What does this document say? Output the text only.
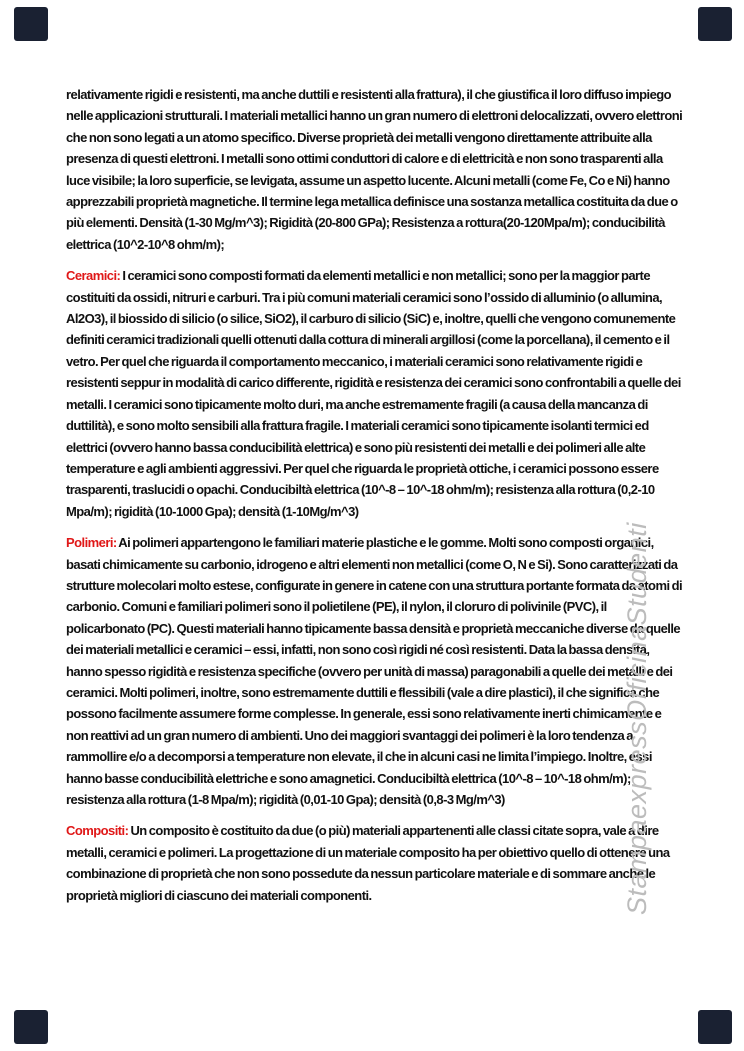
relativamente rigidi e resistenti, ma anche duttili e resistenti alla frattura), il che giustifica il loro diffuso impiego nelle applicazioni strutturali. I materiali metallici hanno un gran numero di elettroni delocalizzati, ovvero elettroni che non sono legati a un atomo specifico. Diverse proprietà dei metalli vengono direttamente attribuite alla presenza di questi elettroni. I metalli sono ottimi conduttori di calore e di elettricità e non sono trasparenti alla luce visibile; la loro superficie, se levigata, assume un aspetto lucente. Alcuni metalli (come Fe, Co e Ni) hanno apprezzabili proprietà magnetiche. Il termine lega metallica definisce una sostanza metallica costituita da due o più elementi. Densità (1-30 Mg/m^3); Rigidità (20-800 GPa); Resistenza a rottura(20-120Mpa/m); conducibilità elettrica (10^2-10^8 ohm/m);

Ceramici: I ceramici sono composti formati da elementi metallici e non metallici; sono per la maggior parte costituiti da ossidi, nitruri e carburi. Tra i più comuni materiali ceramici sono l’ossido di alluminio (o allumina, Al2O3), il biossido di silicio (o silice, SiO2), il carburo di silicio (SiC) e, inoltre, quelli che vengono comunemente definiti ceramici tradizionali quelli ottenuti dalla cottura di minerali argillosi (come la porcellana), il cemento e il vetro. Per quel che riguarda il comportamento meccanico, i materiali ceramici sono relativamente rigidi e resistenti seppur in modalità di carico differente, rigidità e resistenza dei ceramici sono confrontabili a quelle dei metalli. I ceramici sono tipicamente molto duri, ma anche estremamente fragili (a causa della mancanza di duttilità), e sono molto sensibili alla frattura fragile. I materiali ceramici sono tipicamente isolanti termici ed elettrici (ovvero hanno bassa conducibilità elettrica) e sono più resistenti dei metalli e dei polimeri alle alte temperature e agli ambienti aggressivi. Per quel che riguarda le proprietà ottiche, i ceramici possono essere trasparenti, traslucidi o opachi. Conducibiltà elettrica (10^-8 – 10^-18 ohm/m); resistenza alla rottura (0,2-10 Mpa/m); rigidità (10-1000 Gpa); densità (1-10Mg/m^3)

Polimeri: Ai polimeri appartengono le familiari materie plastiche e le gomme. Molti sono composti organici, basati chimicamente su carbonio, idrogeno e altri elementi non metallici (come O, N e Si). Sono caratterizzati da strutture molecolari molto estese, configurate in genere in catene con una struttura portante formata da atomi di carbonio. Comuni e familiari polimeri sono il polietilene (PE), il nylon, il cloruro di polivinile (PVC), il policarbonato (PC). Questi materiali hanno tipicamente bassa densità e proprietà meccaniche diverse da quelle dei materiali metallici e ceramici – essi, infatti, non sono così rigidi né così resistenti. Data la bassa densità, hanno spesso rigidità e resistenza specifiche (ovvero per unità di massa) paragonabili a quelle dei metalli e dei ceramici. Molti polimeri, inoltre, sono estremamente duttili e flessibili (vale a dire plastici), il che significa che possono facilmente assumere forme complesse. In generale, essi sono relativamente inerti chimicamente e non reattivi ad un gran numero di ambienti. Uno dei maggiori svantaggi dei polimeri è la loro tendenza a rammollire e/o a decomporsi a temperature non elevate, il che in alcuni casi ne limita l’impiego. Inoltre, essi hanno basse conducibilità elettriche e sono amagnetici. Conducibiltà elettrica (10^-8 – 10^-18 ohm/m); resistenza alla rottura (1-8 Mpa/m); rigidità (0,01-10 Gpa); densità (0,8-3 Mg/m^3)

Compositi: Un composito è costituito da due (o più) materiali appartenenti alle classi citate sopra, vale a dire metalli, ceramici e polimeri. La progettazione di un materiale composito ha per obiettivo quello di ottenere una combinazione di proprietà che non sono possedute da nessun particolare materiale e di sommare anche le proprietà migliori di ciascuno dei materiali componenti.	StampaexpressOfficinaStudenti
